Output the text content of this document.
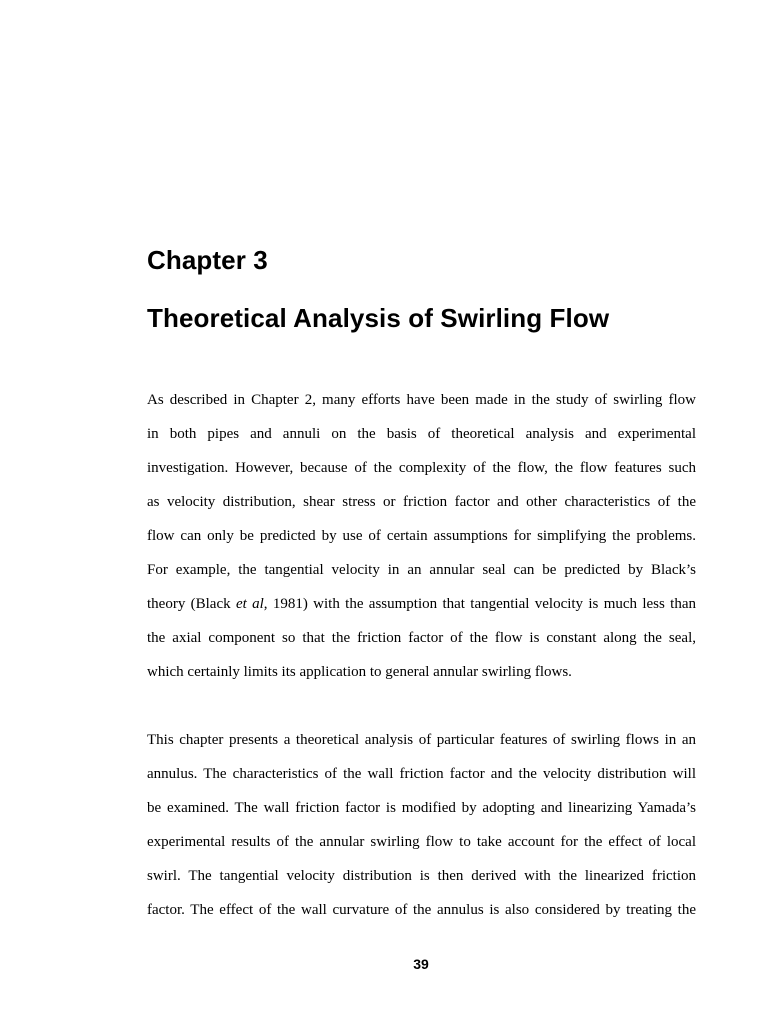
Chapter 3
Theoretical Analysis of Swirling Flow

As described in Chapter 2, many efforts have been made in the study of swirling flow

in both pipes and annuli on the basis of theoretical analysis and experimental

investigation. However, because of the complexity of the flow, the flow features such

as velocity distribution, shear stress or friction factor and other characteristics of the

flow can only be predicted by use of certain assumptions for simplifying the problems.

For example, the tangential velocity in an annular seal can be predicted by Black’s

theory (Black et al, 1981) with the assumption that tangential velocity is much less than

the axial component so that the friction factor of the flow is constant along the seal,

which certainly limits its application to general annular swirling flows.

This chapter presents a theoretical analysis of particular features of swirling flows in an

annulus. The characteristics of the wall friction factor and the velocity distribution will

be examined. The wall friction factor is modified by adopting and linearizing Yamada’s

experimental results of the annular swirling flow to take account for the effect of local

swirl. The tangential velocity distribution is then derived with the linearized friction

factor. The effect of the wall curvature of the annulus is also considered by treating the

39
